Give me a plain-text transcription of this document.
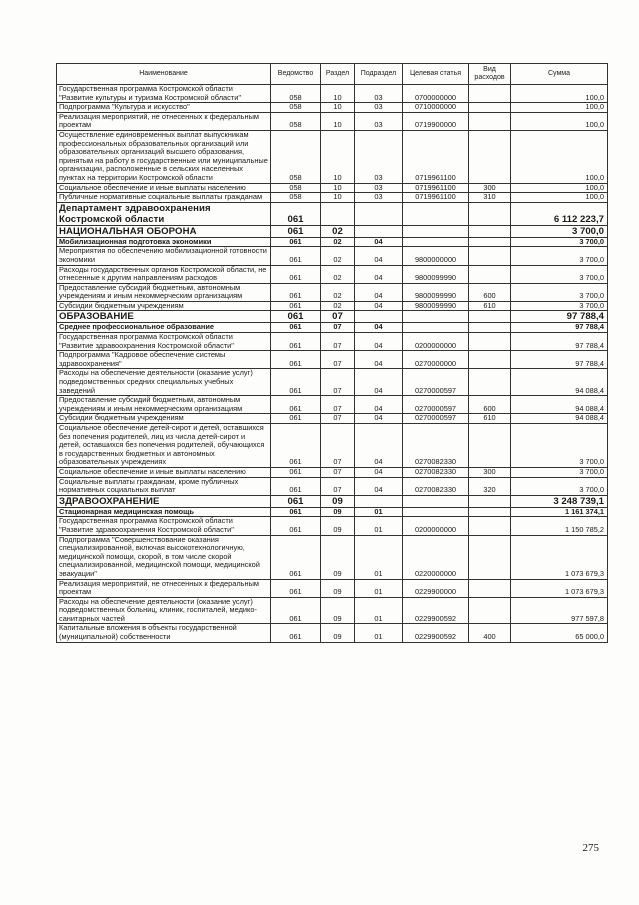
Наименование	Ведомство	Раздел	Подраздел	Целевая статья	Вид расходов	Сумма
Государственная программа Костромской области "Развитие культуры и туризма Костромской области"	058	10	03	0700000000		100,0
Подпрограмма "Культура и искусство"	058	10	03	0710000000		100,0
Реализация мероприятий, не отнесенных к федеральным проектам	058	10	03	0719900000		100,0
Осуществление единовременных выплат выпускникам профессиональных образовательных организаций или образовательных организаций высшего образования, принятым на работу в государственные или муниципальные организации, расположенные в сельских населенных пунктах на территории Костромской области	058	10	03	0719961100		100,0
Социальное обеспечение и иные выплаты населению	058	10	03	0719961100	300	100,0
Публичные нормативные социальные выплаты гражданам	058	10	03	0719961100	310	100,0
Департамент здравоохранения Костромской области	061					6 112 223,7
НАЦИОНАЛЬНАЯ ОБОРОНА	061	02				3 700,0
Мобилизационная подготовка экономики	061	02	04			3 700,0
Мероприятия по обеспечению мобилизационной готовности экономики	061	02	04	9800000000		3 700,0
Расходы государственных органов Костромской области, не отнесенные к другим направлениям расходов	061	02	04	9800099990		3 700,0
Предоставление субсидий бюджетным, автономным учреждениям и иным некоммерческим организациям	061	02	04	9800099990	600	3 700,0
Субсидии бюджетным учреждениям	061	02	04	9800099990	610	3 700,0
ОБРАЗОВАНИЕ	061	07				97 788,4
Среднее профессиональное образование	061	07	04			97 788,4
Государственная программа Костромской области "Развитие здравоохранения Костромской области"	061	07	04	0200000000		97 788,4
Подпрограмма "Кадровое обеспечение системы здравоохранения"	061	07	04	0270000000		97 788,4
Расходы на обеспечение деятельности (оказание услуг) подведомственных средних специальных учебных заведений	061	07	04	0270000597		94 088,4
Предоставление субсидий бюджетным, автономным учреждениям и иным некоммерческим организациям	061	07	04	0270000597	600	94 088,4
Субсидии бюджетным учреждениям	061	07	04	0270000597	610	94 088,4
Социальное обеспечение детей-сирот и детей, оставшихся без попечения родителей, лиц из числа детей-сирот и детей, оставшихся без попечения родителей, обучающихся в государственных бюджетных и автономных образовательных учреждениях	061	07	04	0270082330		3 700,0
Социальное обеспечение и иные выплаты населению	061	07	04	0270082330	300	3 700,0
Социальные выплаты гражданам, кроме публичных нормативных социальных выплат	061	07	04	0270082330	320	3 700,0
ЗДРАВООХРАНЕНИЕ	061	09				3 248 739,1
Стационарная медицинская помощь	061	09	01			1 161 374,1
Государственная программа Костромской области "Развитие здравоохранения Костромской области"	061	09	01	0200000000		1 150 785,2
Подпрограмма "Совершенствование оказания специализированной, включая высокотехнологичную, медицинской помощи, скорой, в том числе скорой специализированной, медицинской помощи, медицинской эвакуации"	061	09	01	0220000000		1 073 679,3
Реализация мероприятий, не отнесенных к федеральным проектам	061	09	01	0229900000		1 073 679,3
Расходы на обеспечение деятельности (оказание услуг) подведомственных больниц, клиник, госпиталей, медико-санитарных частей	061	09	01	0229900592		977 597,8
Капитальные вложения в объекты государственной (муниципальной) собственности	061	09	01	0229900592	400	65 000,0
275
